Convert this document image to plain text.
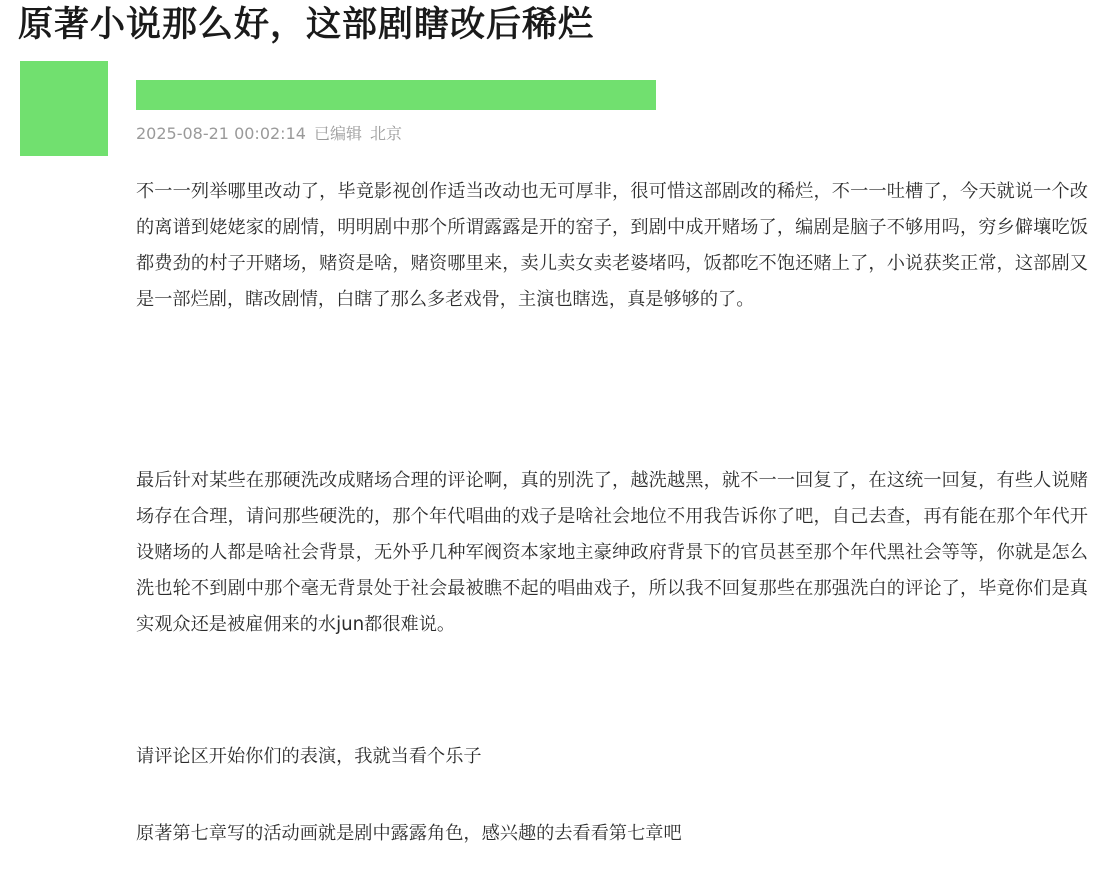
原著小说那么好，这部剧瞎改后稀烂
2025-08-21 00:02:14 已编辑 北京

不一一列举哪里改动了，毕竟影视创作适当改动也无可厚非，很可惜这部剧改的稀烂，不一一吐槽了，今天就说一个改的离谱到姥姥家的剧情，明明剧中那个所谓露露是开的窑子，到剧中成开赌场了，编剧是脑子不够用吗，穷乡僻壤吃饭都费劲的村子开赌场，赌资是啥，赌资哪里来，卖儿卖女卖老婆堵吗，饭都吃不饱还赌上了，小说获奖正常，这部剧又是一部烂剧，瞎改剧情，白瞎了那么多老戏骨，主演也瞎选，真是够够的了。

最后针对某些在那硬洗改成赌场合理的评论啊，真的别洗了，越洗越黑，就不一一回复了，在这统一回复，有些人说赌场存在合理，请问那些硬洗的，那个年代唱曲的戏子是啥社会地位不用我告诉你了吧，自己去查，再有能在那个年代开设赌场的人都是啥社会背景，无外乎几种军阀资本家地主豪绅政府背景下的官员甚至那个年代黑社会等等，你就是怎么洗也轮不到剧中那个毫无背景处于社会最被瞧不起的唱曲戏子，所以我不回复那些在那强洗白的评论了，毕竟你们是真实观众还是被雇佣来的水jun都很难说。

请评论区开始你们的表演，我就当看个乐子

原著第七章写的活动画就是剧中露露角色，感兴趣的去看看第七章吧
